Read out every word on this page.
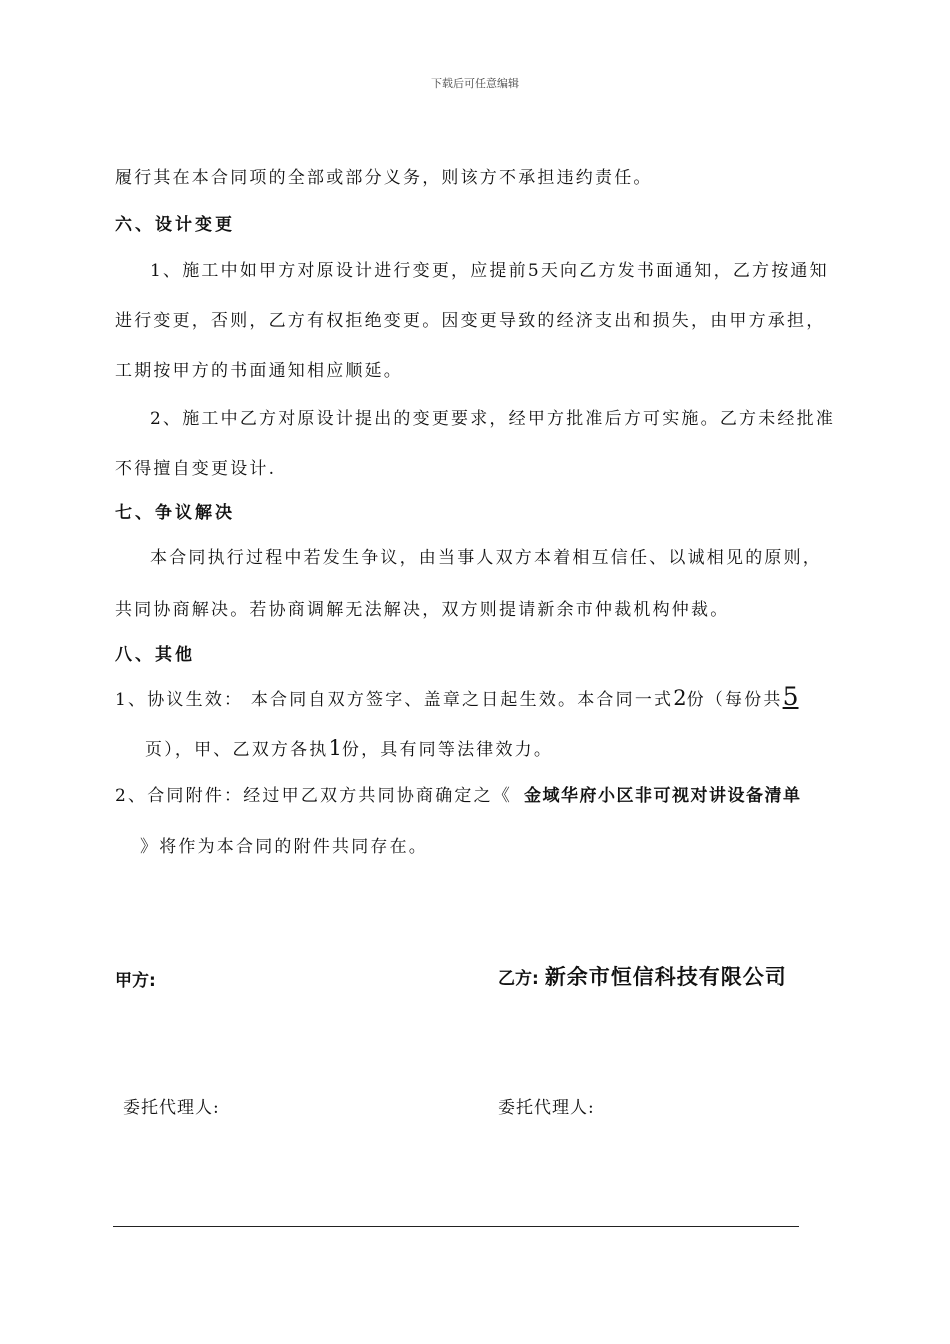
下载后可任意编辑
履行其在本合同项的全部或部分义务，则该方不承担违约责任。
六、设计变更
1、施工中如甲方对原设计进行变更，应提前5天向乙方发书面通知，乙方按通知
进行变更，否则，乙方有权拒绝变更。因变更导致的经济支出和损失，由甲方承担，
工期按甲方的书面通知相应顺延。
2、施工中乙方对原设计提出的变更要求，经甲方批准后方可实施。乙方未经批准
不得擅自变更设计.
七、争议解决
本合同执行过程中若发生争议，由当事人双方本着相互信任、以诚相见的原则，
共同协商解决。若协商调解无法解决，双方则提请新余市仲裁机构仲裁。
八、其他
1、协议生效： 本合同自双方签字、盖章之日起生效。本合同一式2份（每份共5
页），甲、乙双方各执1份，具有同等法律效力。
2、合同附件：经过甲乙双方共同协商确定之《 金域华府小区非可视对讲设备清单
》将作为本合同的附件共同存在。
甲方:	乙方: 新余市恒信科技有限公司
委托代理人:	委托代理人:
